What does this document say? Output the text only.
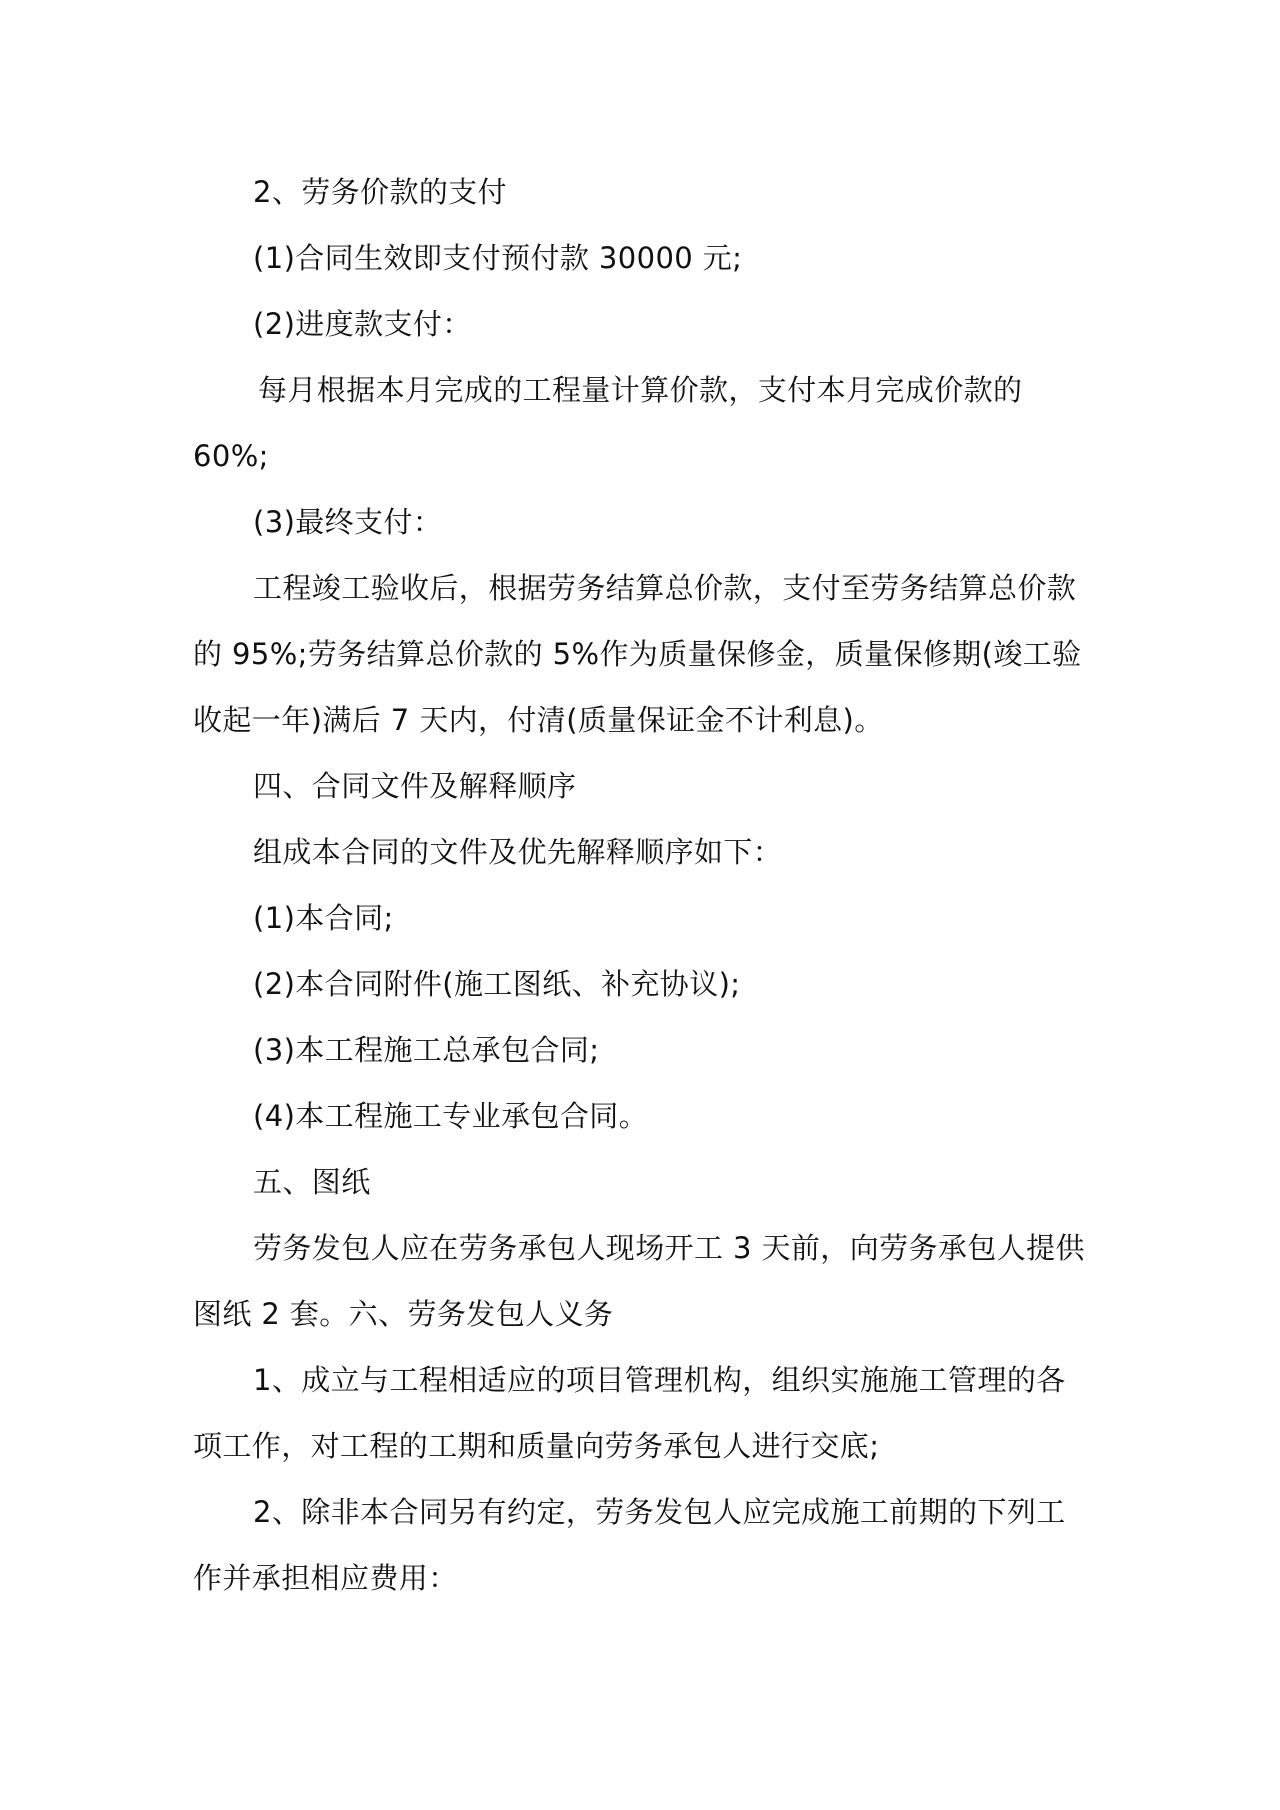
2、劳务价款的支付

(1)合同生效即支付预付款 30000 元;

(2)进度款支付：

每月根据本月完成的工程量计算价款，支付本月完成价款的

60%;

(3)最终支付：

工程竣工验收后，根据劳务结算总价款，支付至劳务结算总价款

的 95%;劳务结算总价款的 5%作为质量保修金，质量保修期(竣工验

收起一年)满后 7 天内，付清(质量保证金不计利息)。

四、合同文件及解释顺序

组成本合同的文件及优先解释顺序如下：

(1)本合同;

(2)本合同附件(施工图纸、补充协议);

(3)本工程施工总承包合同;

(4)本工程施工专业承包合同。

五、图纸

劳务发包人应在劳务承包人现场开工 3 天前，向劳务承包人提供

图纸 2 套。六、劳务发包人义务

1、成立与工程相适应的项目管理机构，组织实施施工管理的各

项工作，对工程的工期和质量向劳务承包人进行交底;

2、除非本合同另有约定，劳务发包人应完成施工前期的下列工

作并承担相应费用：
